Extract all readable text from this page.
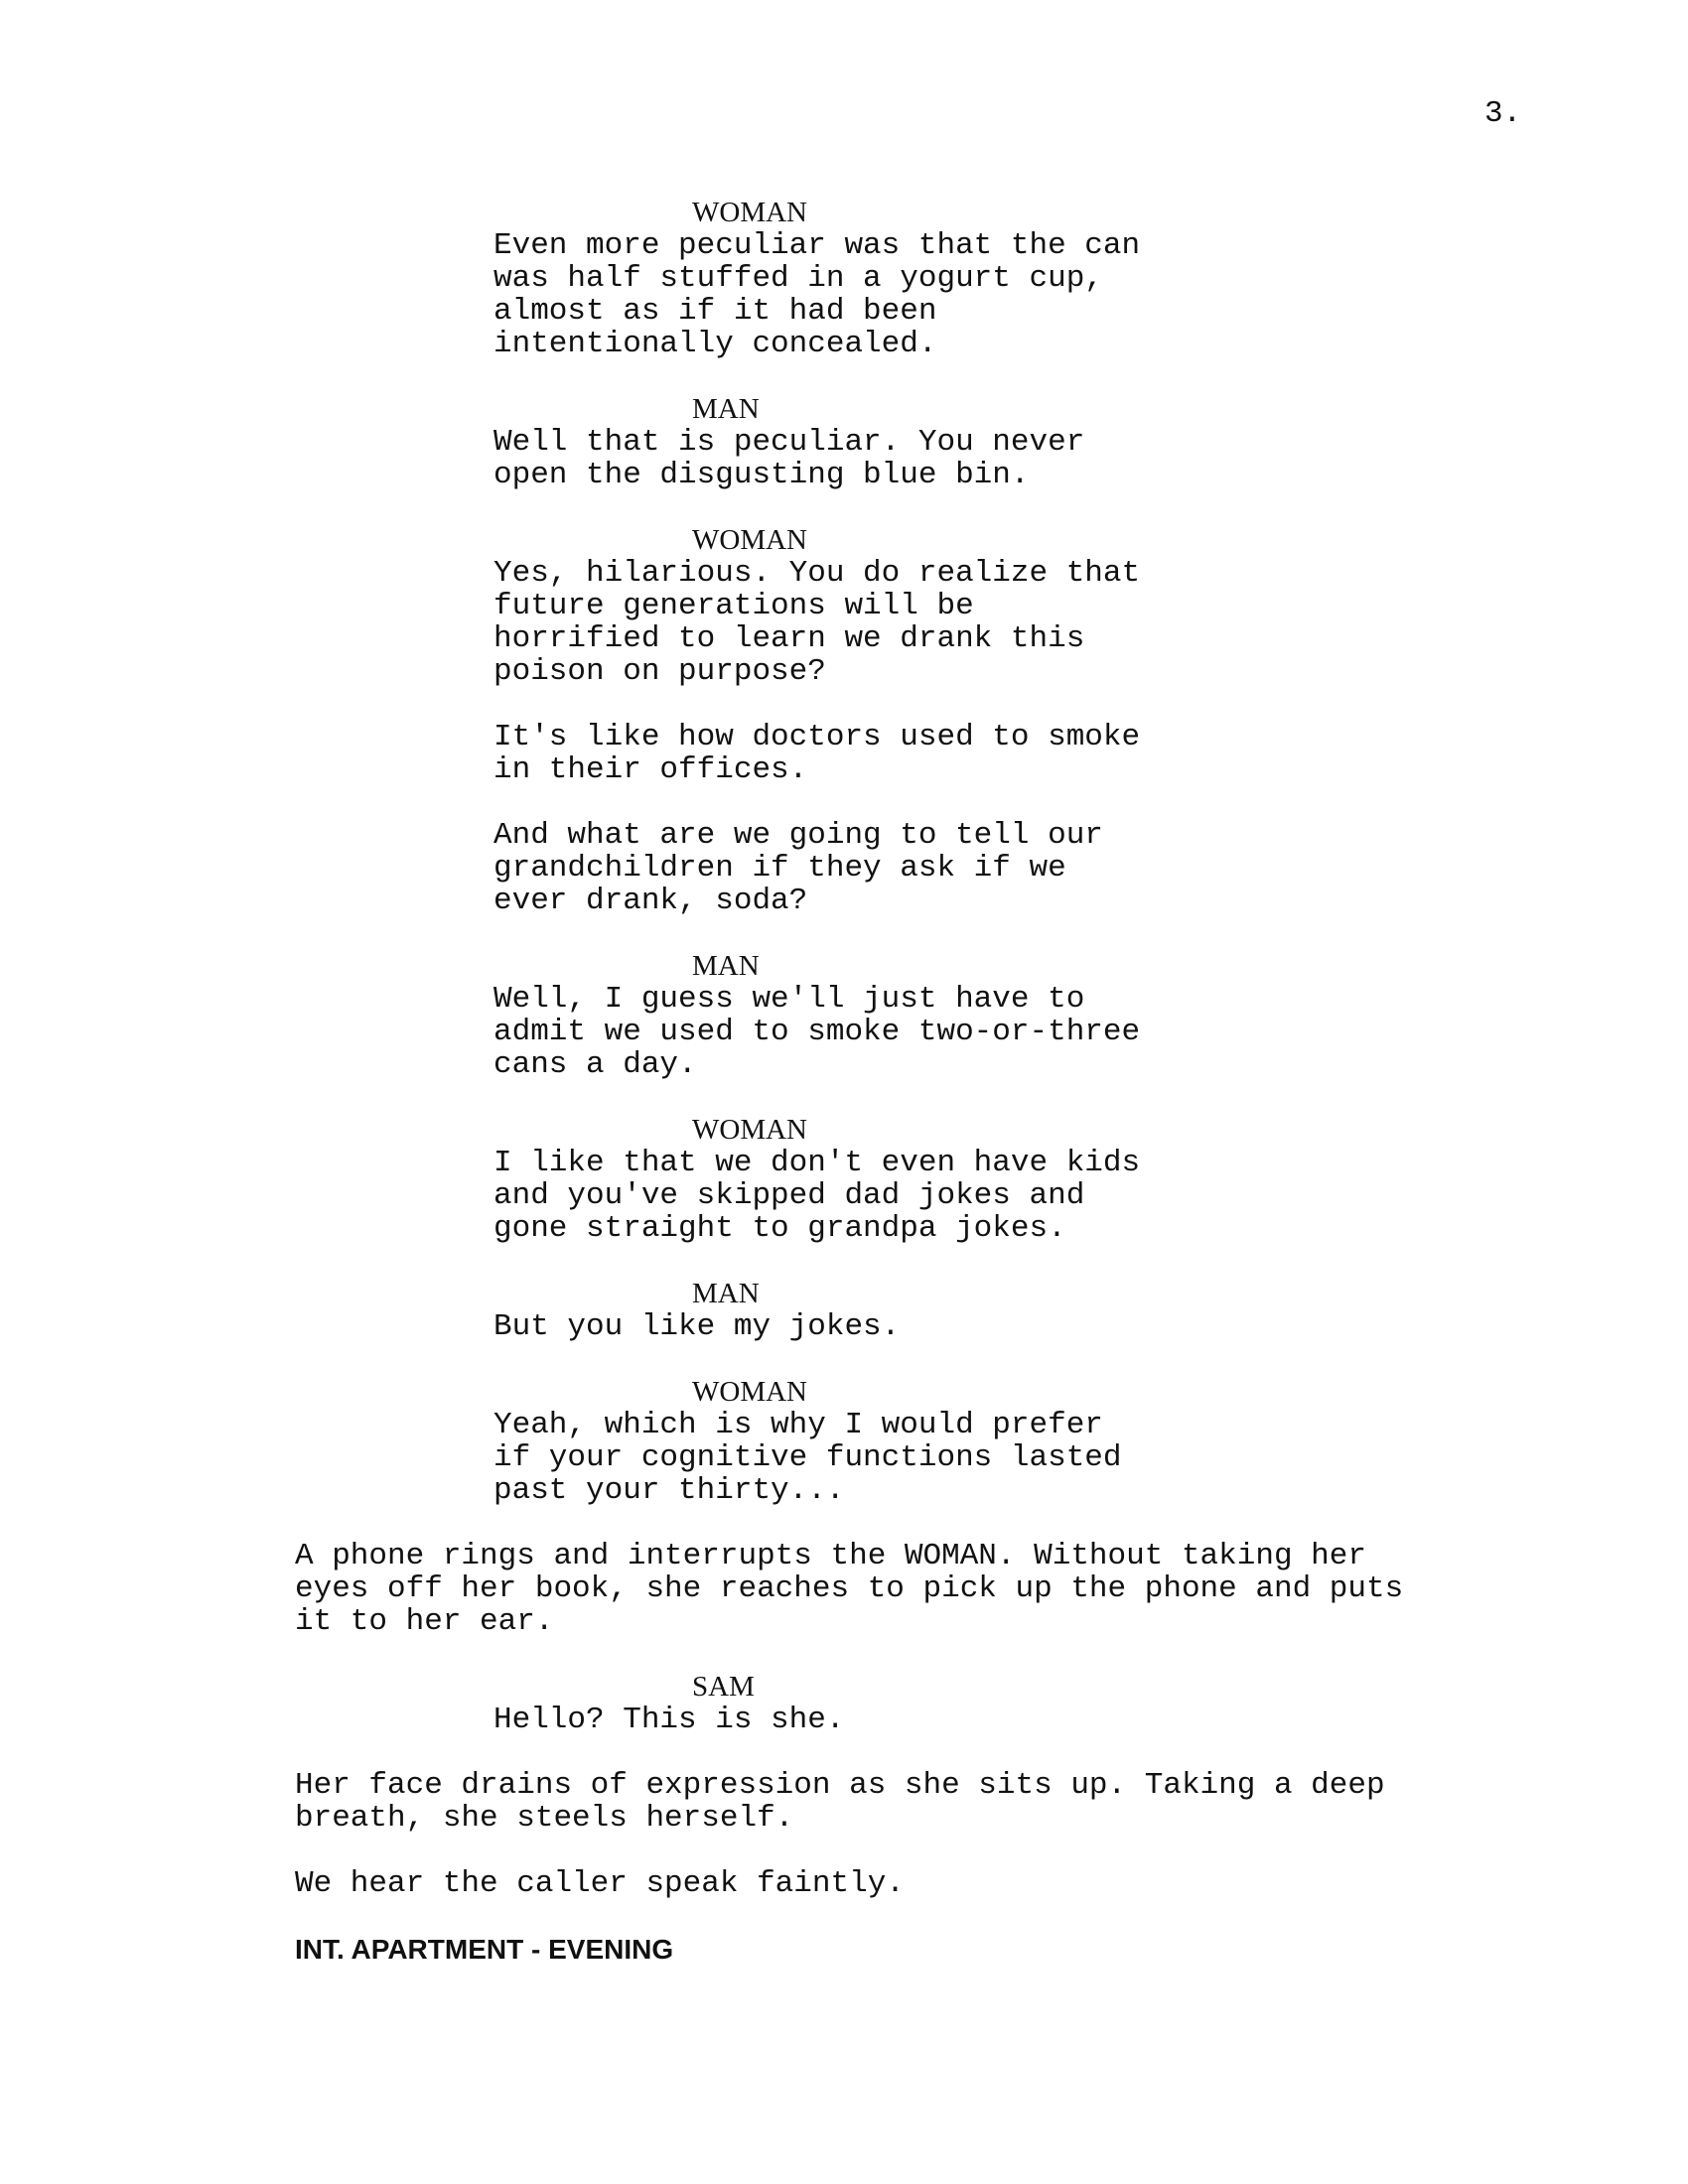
3.
WOMAN
Even more peculiar was that the can
was half stuffed in a yogurt cup,
almost as if it had been
intentionally concealed.
MAN
Well that is peculiar. You never
open the disgusting blue bin.
WOMAN
Yes, hilarious. You do realize that
future generations will be
horrified to learn we drank this
poison on purpose?
It's like how doctors used to smoke
in their offices.
And what are we going to tell our
grandchildren if they ask if we
ever drank, soda?
MAN
Well, I guess we'll just have to
admit we used to smoke two-or-three
cans a day.
WOMAN
I like that we don't even have kids
and you've skipped dad jokes and
gone straight to grandpa jokes.
MAN
But you like my jokes.
WOMAN
Yeah, which is why I would prefer
if your cognitive functions lasted
past your thirty...
A phone rings and interrupts the WOMAN. Without taking her
eyes off her book, she reaches to pick up the phone and puts
it to her ear.
SAM
Hello? This is she.
Her face drains of expression as she sits up. Taking a deep
breath, she steels herself.
We hear the caller speak faintly.
INT. APARTMENT - EVENING
